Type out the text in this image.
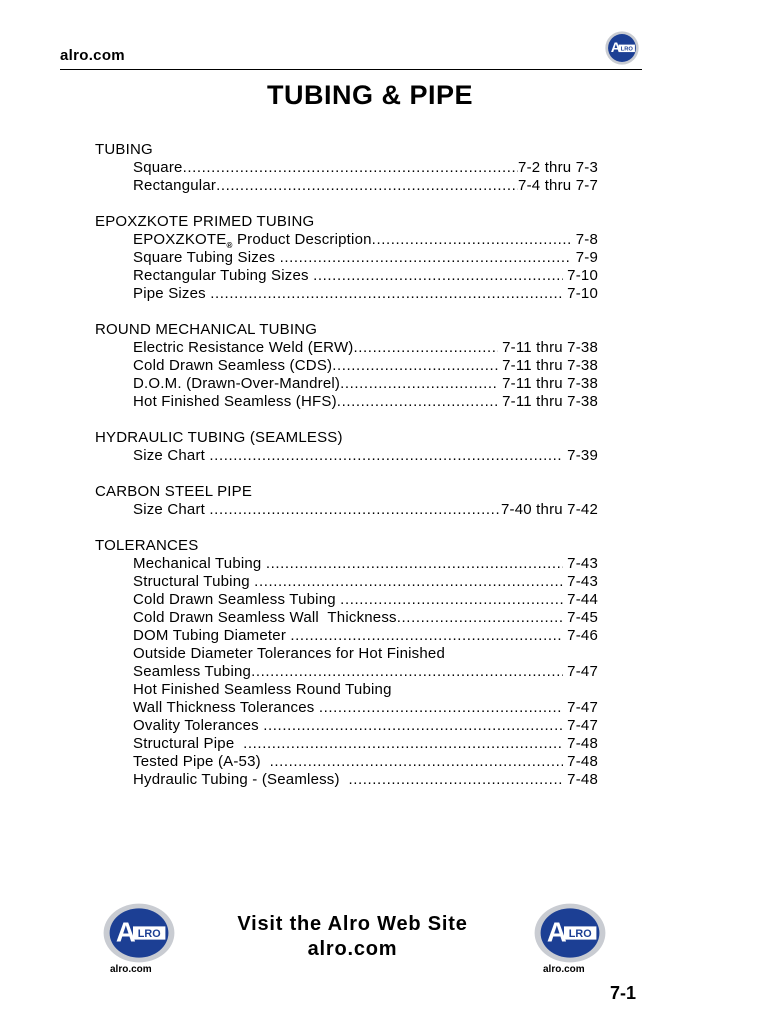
alro.com	LRO
A
TUBING & PIPE
TUBING
Square .....	7-2 thru 7-3
Rectangular .....	7-4 thru 7-7
EPOXZKOTE PRIMED TUBING
$EPOXZKOTE_®$ Product Description .....	7-8
Square Tubing Sizes .....	7-9
Rectangular Tubing Sizes .....	7-10
Pipe Sizes .....	7-10
ROUND MECHANICAL TUBING
Electric Resistance Weld (ERW) .....	7-11 thru 7-38
Cold Drawn Seamless (CDS) .....	7-11 thru 7-38
D.O.M. (Drawn-Over-Mandrel) .....	7-11 thru 7-38
Hot Finished Seamless (HFS) .....	7-11 thru 7-38
HYDRAULIC TUBING (SEAMLESS)
Size Chart .....	7-39
CARBON STEEL PIPE
Size Chart .....	7-40 thru 7-42
TOLERANCES
Mechanical Tubing .....	7-43
Structural Tubing .....	7-43
Cold Drawn Seamless Tubing .....	7-44
Cold Drawn Seamless Wall  Thickness .....	7-45
DOM Tubing Diameter .....	7-46
Outside Diameter Tolerances for Hot Finished
Seamless Tubing .....	7-47
Hot Finished Seamless Round Tubing
Wall Thickness Tolerances .....	7-47
Ovality Tolerances .....	7-47
Structural Pipe .....	7-48
Tested Pipe (A-53) .....	7-48
Hydraulic Tubing - (Seamless) .....	7-48
LRO
A
alro.com
LRO
A
alro.com
Visit the Alro Web Site
alro.com
7-1
